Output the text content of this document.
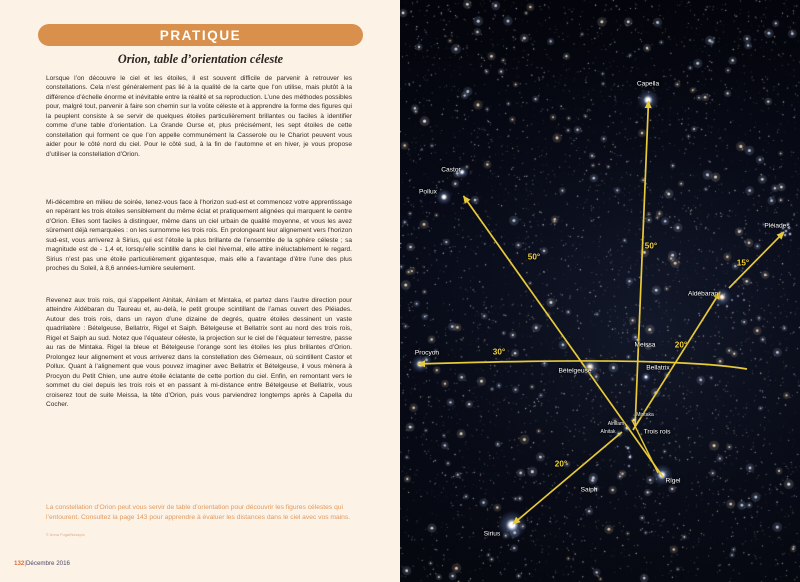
PRATIQUE
Orion, table d’orientation céleste
Lorsque l’on découvre le ciel et les étoiles, il est souvent difficile de parvenir à retrouver les constellations. Cela n’est généralement pas lié à la qualité de la carte que l’on utilise, mais plutôt à la différence d’échelle énorme et inévitable entre la réalité et sa reproduction. L’une des méthodes possibles pour, malgré tout, parvenir à faire son chemin sur la voûte céleste et à apprendre la forme des figures qui la peuplent consiste à se servir de quelques étoiles particulièrement brillantes ou faciles à identifier comme d’une table d’orientation. La Grande Ourse et, plus précisément, les sept étoiles de cette constellation qui forment ce que l’on appelle communément la Casserole ou le Chariot peuvent vous aider pour le côté nord du ciel. Pour le côté sud, à la fin de l’automne et en hiver, je vous propose d’utiliser la constellation d’Orion.
Mi-décembre en milieu de soirée, tenez-vous face à l’horizon sud-est et commencez votre apprentissage en repérant les trois étoiles sensiblement du même éclat et pratiquement alignées qui marquent le centre d’Orion. Elles sont faciles à distinguer, même dans un ciel urbain de qualité moyenne, et vous les avez sûrement déjà remarquées : on les surnomme les trois rois. En prolongeant leur alignement vers l’horizon sud-est, vous arriverez à Sirius, qui est l’étoile la plus brillante de l’ensemble de la sphère céleste ; sa magnitude est de - 1,4 et, lorsqu’elle scintille dans le ciel hivernal, elle attire inéluctablement le regard. Sirius n’est pas une étoile particulièrement gigantesque, mais elle a l’avantage d’être l’une des plus proches du Soleil, à 8,6 années-lumière seulement.
Revenez aux trois rois, qui s’appellent Alnitak, Alnilam et Mintaka, et partez dans l’autre direction pour atteindre Aldébaran du Taureau et, au-delà, le petit groupe scintillant de l’amas ouvert des Pléiades. Autour des trois rois, dans un rayon d’une dizaine de degrés, quatre étoiles dessinent un vaste quadrilatère : Bételgeuse, Bellatrix, Rigel et Saiph. Bételgeuse et Bellatrix sont au nord des trois rois, Rigel et Saiph au sud. Notez que l’équateur céleste, la projection sur le ciel de l’équateur terrestre, passe au ras de Mintaka. Rigel la bleue et Bételgeuse l’orange sont les étoiles les plus brillantes d’Orion. Prolongez leur alignement et vous arriverez dans la constellation des Gémeaux, où scintillent Castor et Pollux. Quant à l’alignement que vous pouvez imaginer avec Bellatrix et Bételgeuse, il vous mènera à Procyon du Petit Chien, une autre étoile éclatante de cette portion du ciel. Enfin, en remontant vers le sommet du ciel depuis les trois rois et en passant à mi-distance entre Bételgeuse et Bellatrix, vous croiserez tout de suite Meissa, la tête d’Orion, puis vous parviendrez longtemps après à Capella du Cocher.
La constellation d’Orion peut vous servir de table d’orientation pour découvrir les figures célestes qui l’entourent. Consultez la page 143 pour apprendre à évaluer les distances dans le ciel avec vos mains.
© Anna Fuga/Novapix
132|Décembre 2016
Capella
Castor
Pollux
Pléiades
Aldébaran
Meissa
Bellatrix
Procyon
Bételgeuse
Mintaka
Alnilam
Alnitak	Trois rois
Rigel
Saiph
Sirius
50°
50°
15°
20°
30°
20°
